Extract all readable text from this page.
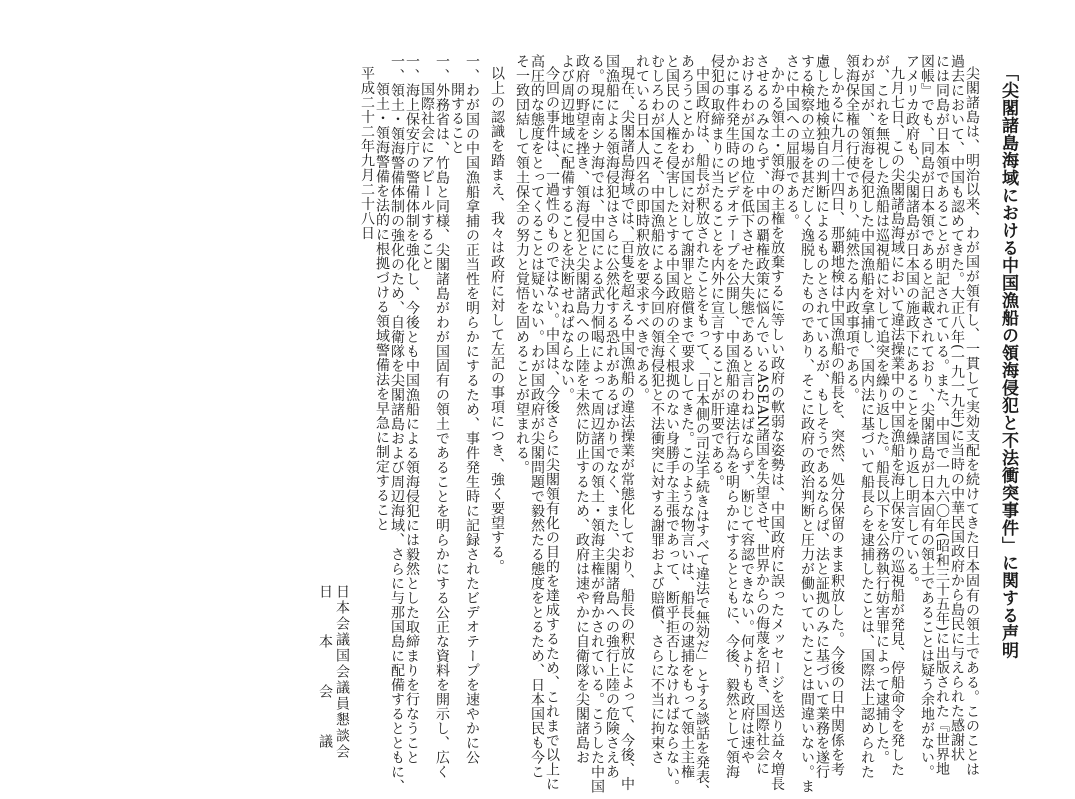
「尖閣諸島海域における中国漁船の領海侵犯と不法衝突事件」に関する声明
尖閣諸島は、明治以来、わが国が領有し、一貫して実効支配を続けてきた日本固有の領土である。このことは
過去において、中国も認めてきた。大正八年(一九一九年)に当時の中華民国政府から島民に与えられた感謝状
には同島が日本領であることが明記されている。また、中国で一九六〇年(昭和三十五年)に出版された『世界地
図帳』でも、同島が日本領であると記載されており、尖閣諸島が日本固有の領土であることは疑う余地がない。
アメリカ政府も、尖閣諸島が日本国の施政下にあることを繰り返し明言している。
九月七日、この尖閣諸島海域において違法操業中の中国漁船を海上保安庁の巡視船が発見、停船命令を発した
が、これを無視した漁船は巡視船に対して追突を繰り返した。船長以下を公務執行妨害罪によって逮捕した。
わが国が、領海を侵犯した中国漁船を拿捕し、国内法に基づいて船長らを逮捕したことは、国際法上認められた
領海保全権の行使であり、純然たる内政事項である。
しかるに九月二十四日、那覇地検は中国漁船の船長を、突然、処分保留のまま釈放した。今後の日中関係を考
慮した地検独自の判断によるものとされているが、もしそうであるならば、法と証拠のみに基づいて業務を遂行
する検察の立場を甚だしく逸脱したものであり、そこに政府の政治判断と圧力が働いていたことは間違いない。ま
さに中国への屈服である。
かかる領土・領海の主権を放棄するに等しい政府の軟弱な姿勢は、中国政府に誤ったメッセージを送り益々増長
させるのみならず、中国の覇権政策に悩んでいるASEAN諸国を失望させ、世界からの侮蔑を招き、国際社会に
おけるわが国の地位を低下させた大失態であると言わねばならず、断じて容認できない。何よりも政府は速や
かに事件発生時のビデオテープを公開し、中国漁船の違法行為を明らかにするとともに、今後、毅然として領海
侵犯の取締まりに当たることを内外に宣言することが肝要である。
中国政府は、船長が釈放されたことをもって、「日本側の司法手続きはすべて違法で無効だ」とする談話を発表、
あろうことかわが国に対して謝罪と賠償まで要求してきた。このような物言いは、船長の逮捕をもって領土主権
と国民の人権を侵害したとする中国政府の全く根拠のない身勝手な主張であって、断乎拒否しなければならない。
むしろわが国こそ、中国漁船による今回の領海侵犯と不法衝突に対する謝罪および賠償、さらに不当に拘束さ
れている日本人四名の即時釈放を要求すべきである。
現在、尖閣諸島海域では、百隻を超える中国漁船の違法操業が常態化しており、船長の釈放によって、今後、中
国漁船による領海侵犯はさらに公然化する恐れがあるばかりでなく、また、尖閣諸島への強行上陸の危険さえあ
る。現に南シナ海では、中国による武力恫喝によって周辺諸国の領土・領海主権が脅かされている。こうした中国
政府の野望を挫き、領海侵犯と尖閣諸島への上陸を未然に防止するため、政府は速やかに自衛隊を尖閣諸島お
よび周辺地域に配備することを決断せねばならない。
今回の事件は、一過性のものではない。中国は、今後さらに尖閣領有化の目的を達成するため、これまで以上に
高圧的な態度をとってくることは疑いない。わが国政府が尖閣問題で毅然たる態度をとるため、日本国民も今こ
そ一致団結して領土保全の努力と覚悟を固めることが望まれる。
以上の認識を踏まえ、我々は政府に対して左記の事項につき、強く要望する。
一、わが国の中国漁船拿捕の正当性を明らかにするため、事件発生時に記録されたビデオテープを速やかに公
開すること
一、外務省は、竹島と同様、尖閣諸島がわが国固有の領土であることを明らかにする公正な資料を開示し、広く
国際社会にアピールすること
一、海上保安庁の警備体制を強化し、今後とも中国漁船による領海侵犯には毅然とした取締まりを行なうこと
一、領土・領海警備体制の強化のため、自衛隊を尖閣諸島および周辺海域、さらに与那国島に配備するとともに、
領土・領海警備を法的に根拠づける領域警備法を早急に制定すること
平成二十二年九月二十八日
日本会議国会議員懇談会
日本会議
